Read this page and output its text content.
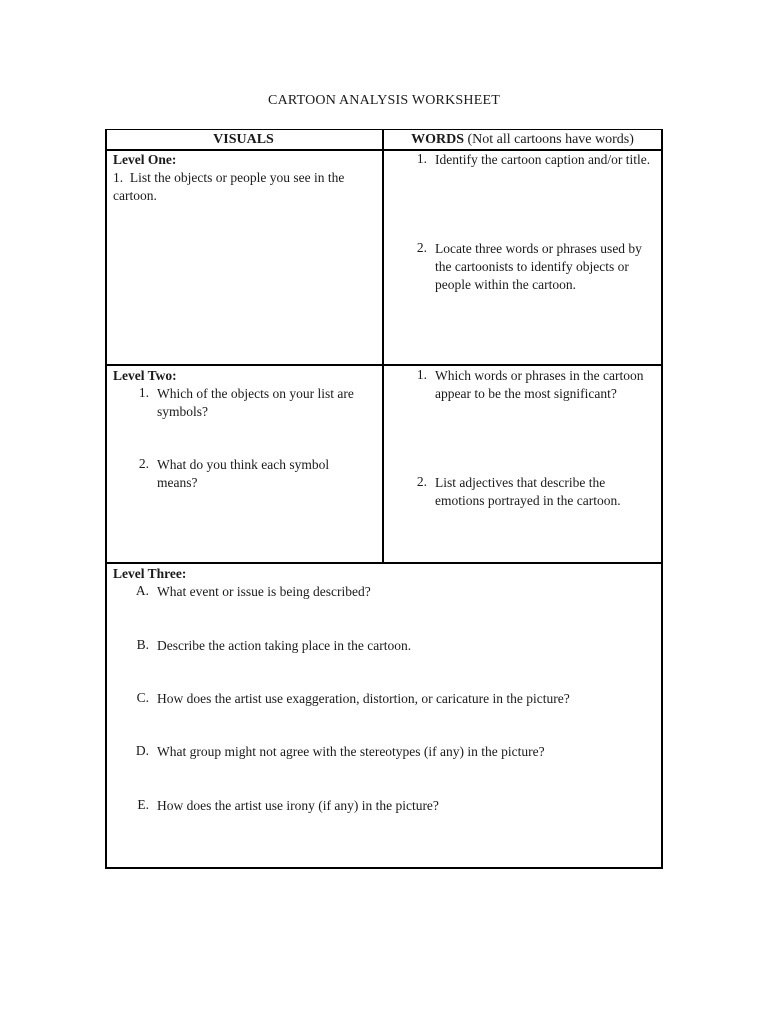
CARTOON ANALYSIS WORKSHEET
VISUALS	WORDS (Not all cartoons have words)
Level One:
1. List the objects or people you see in the cartoon.
1. Identify the cartoon caption and/or title.
2. Locate three words or phrases used by the cartoonists to identify objects or people within the cartoon.
Level Two:
1. Which of the objects on your list are symbols?
2. What do you think each symbol means?
1. Which words or phrases in the cartoon appear to be the most significant?
2. List adjectives that describe the emotions portrayed in the cartoon.
Level Three:
A. What event or issue is being described?
B. Describe the action taking place in the cartoon.
C. How does the artist use exaggeration, distortion, or caricature in the picture?
D. What group might not agree with the stereotypes (if any) in the picture?
E. How does the artist use irony (if any) in the picture?
